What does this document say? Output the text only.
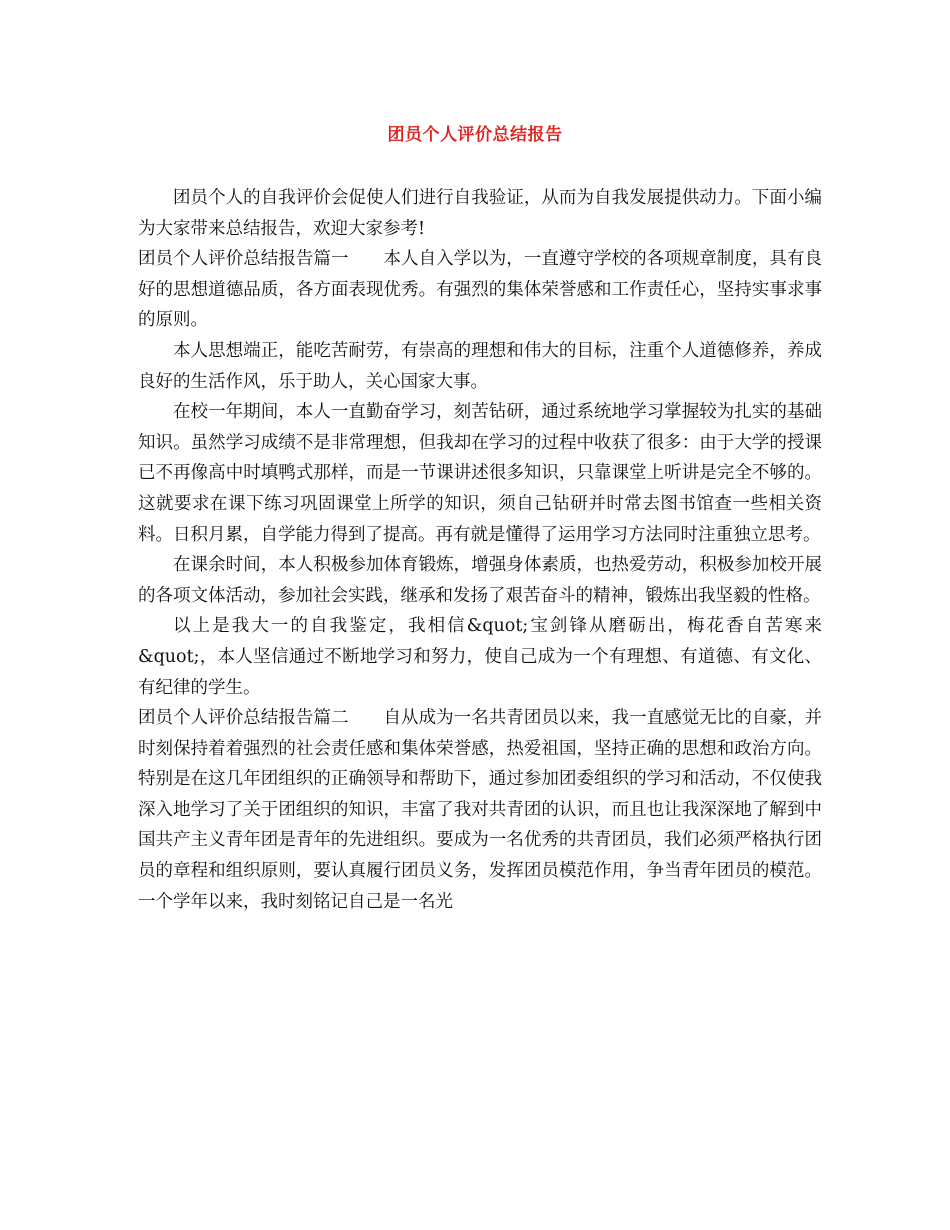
团员个人评价总结报告

团员个人的自我评价会促使人们进行自我验证，从而为自我发展提供动力。下面小编为大家带来总结报告，欢迎大家参考!

团员个人评价总结报告篇一 本人自入学以为，一直遵守学校的各项规章制度，具有良好的思想道德品质，各方面表现优秀。有强烈的集体荣誉感和工作责任心，坚持实事求事的原则。

本人思想端正，能吃苦耐劳，有崇高的理想和伟大的目标，注重个人道德修养，养成良好的生活作风，乐于助人，关心国家大事。

在校一年期间，本人一直勤奋学习，刻苦钻研，通过系统地学习掌握较为扎实的基础知识。虽然学习成绩不是非常理想，但我却在学习的过程中收获了很多：由于大学的授课已不再像高中时填鸭式那样，而是一节课讲述很多知识，只靠课堂上听讲是完全不够的。这就要求在课下练习巩固课堂上所学的知识，须自己钻研并时常去图书馆查一些相关资料。日积月累，自学能力得到了提高。再有就是懂得了运用学习方法同时注重独立思考。

在课余时间，本人积极参加体育锻炼，增强身体素质，也热爱劳动，积极参加校开展的各项文体活动，参加社会实践，继承和发扬了艰苦奋斗的精神，锻炼出我坚毅的性格。

以上是我大一的自我鉴定，我相信&quot;宝剑锋从磨砺出，梅花香自苦寒来&quot;，本人坚信通过不断地学习和努力，使自己成为一个有理想、有道德、有文化、有纪律的学生。

团员个人评价总结报告篇二 自从成为一名共青团员以来，我一直感觉无比的自豪，并时刻保持着着强烈的社会责任感和集体荣誉感，热爱祖国，坚持正确的思想和政治方向。特别是在这几年团组织的正确领导和帮助下，通过参加团委组织的学习和活动，不仅使我深入地学习了关于团组织的知识，丰富了我对共青团的认识，而且也让我深深地了解到中国共产主义青年团是青年的先进组织。要成为一名优秀的共青团员，我们必须严格执行团员的章程和组织原则，要认真履行团员义务，发挥团员模范作用，争当青年团员的模范。一个学年以来，我时刻铭记自己是一名光
